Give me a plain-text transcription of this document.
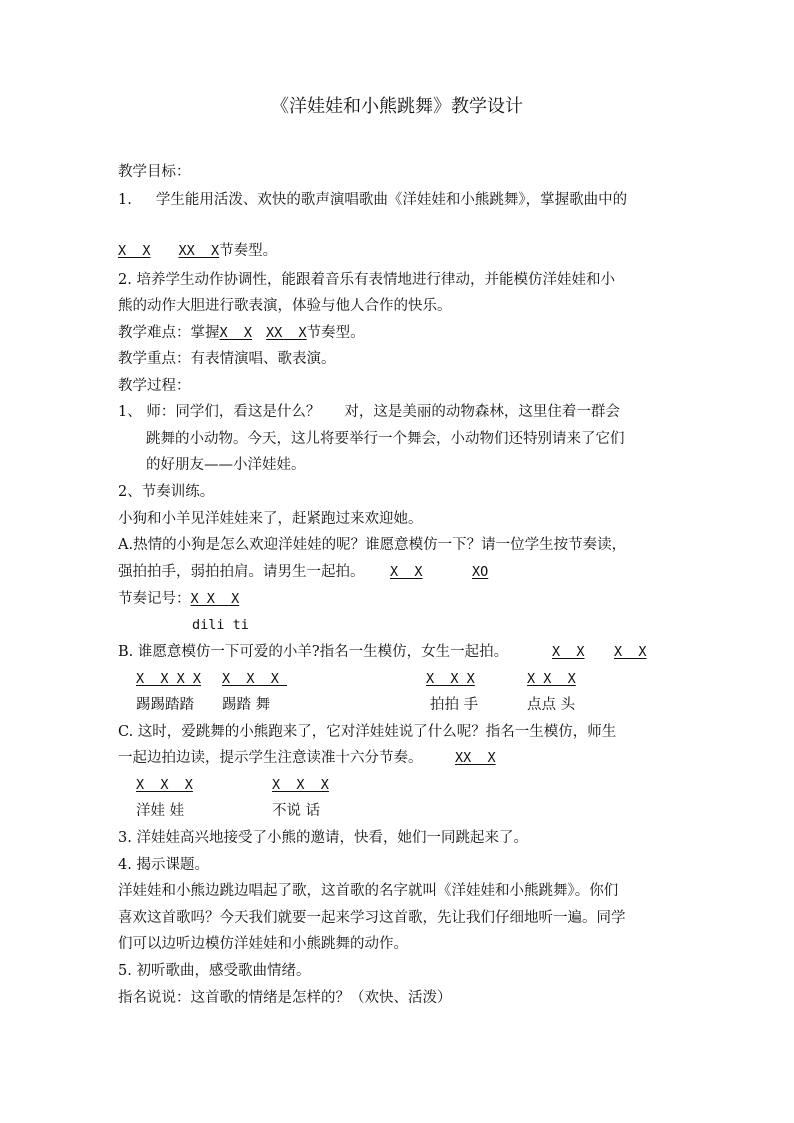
《洋娃娃和小熊跳舞》教学设计
教学目标：
1. 学生能用活泼、欢快的歌声演唱歌曲《洋娃娃和小熊跳舞》，掌握歌曲中的
X  X XX  X节奏型。
2. 培养学生动作协调性，能跟着音乐有表情地进行律动，并能模仿洋娃娃和小
熊的动作大胆进行歌表演，体验与他人合作的快乐。
教学难点：掌握X  X XX  X节奏型。
教学重点：有表情演唱、歌表演。
教学过程：
1、 师：同学们，看这是什么？ 对，这是美丽的动物森林，这里住着一群会
跳舞的小动物。今天，这儿将要举行一个舞会，小动物们还特别请来了它们
的好朋友——小洋娃娃。
2、节奏训练。
小狗和小羊见洋娃娃来了，赶紧跑过来欢迎她。
A.热情的小狗是怎么欢迎洋娃娃的呢？谁愿意模仿一下？请一位学生按节奏读，
强拍拍手，弱拍拍肩。请男生一起拍。 X  X	XO
节奏记号：X X  X
dili ti
B. 谁愿意模仿一下可爱的小羊?指名一生模仿，女生一起拍。	X  X X  X
X  X X X X  X  X	X  X X	X X  X
踢踢踏踏 踢踏 舞	拍拍 手	点点 头
C. 这时，爱跳舞的小熊跑来了，它对洋娃娃说了什么呢？指名一生模仿，师生
一起边拍边读，提示学生注意读准十六分节奏。 XX  X
X  X  X	X  X  X
洋娃 娃	不说 话
3. 洋娃娃高兴地接受了小熊的邀请，快看，她们一同跳起来了。
4. 揭示课题。
洋娃娃和小熊边跳边唱起了歌，这首歌的名字就叫《洋娃娃和小熊跳舞》。你们
喜欢这首歌吗？今天我们就要一起来学习这首歌，先让我们仔细地听一遍。同学
们可以边听边模仿洋娃娃和小熊跳舞的动作。
5. 初听歌曲，感受歌曲情绪。
指名说说：这首歌的情绪是怎样的？（欢快、活泼）
